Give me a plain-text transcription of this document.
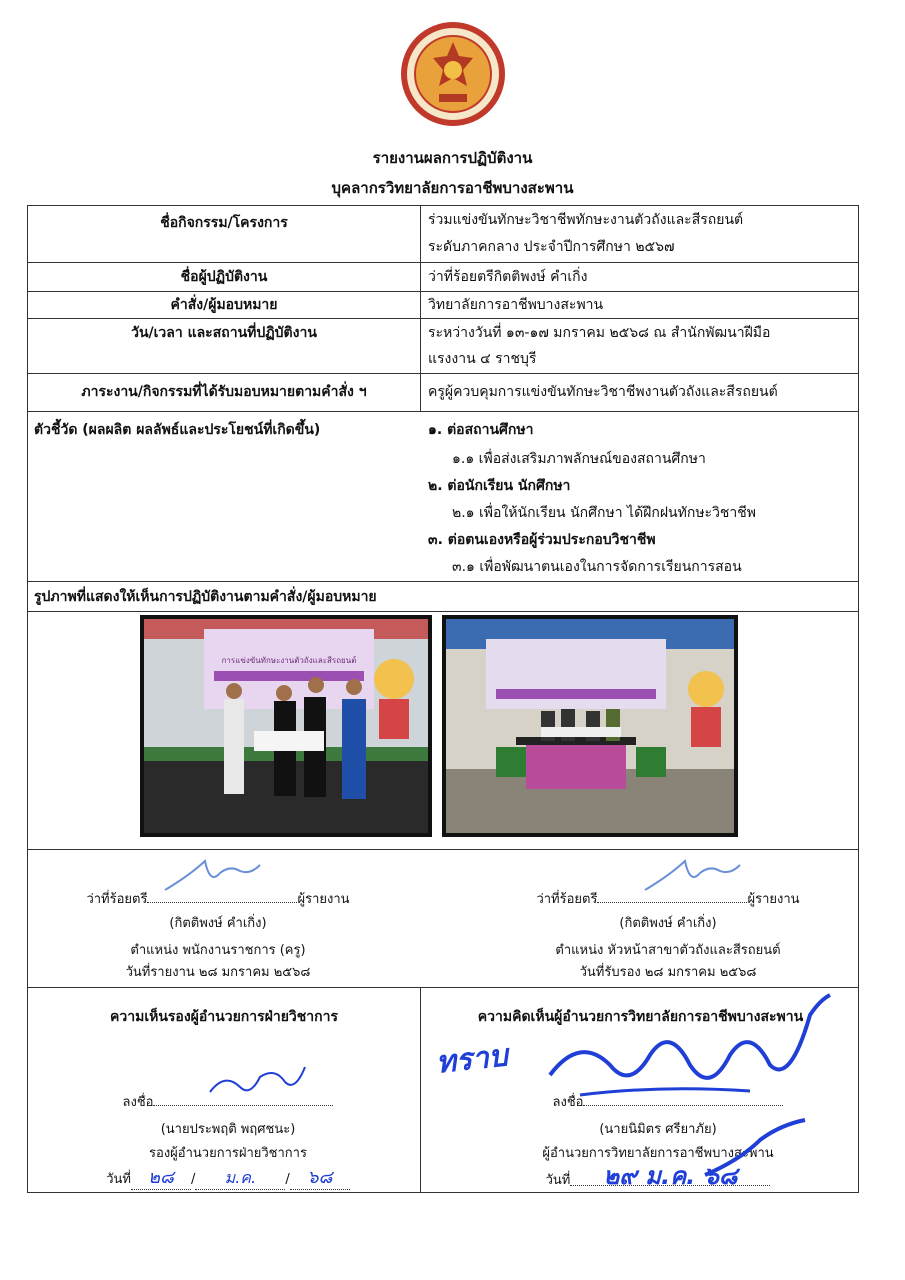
รายงานผลการปฏิบัติงาน
บุคลากรวิทยาลัยการอาชีพบางสะพาน
ชื่อกิจกรรม/โครงการ	ร่วมแข่งขันทักษะวิชาชีพทักษะงานตัวถังและสีรถยนต์
ระดับภาคกลาง ประจำปีการศึกษา ๒๕๖๗
ชื่อผู้ปฏิบัติงาน	ว่าที่ร้อยตรีกิตติพงษ์ คำเกิ่ง
คำสั่ง/ผู้มอบหมาย	วิทยาลัยการอาชีพบางสะพาน
วัน/เวลา และสถานที่ปฏิบัติงาน	ระหว่างวันที่ ๑๓-๑๗ มกราคม ๒๕๖๘ ณ สำนักพัฒนาฝีมือ
แรงงาน ๔ ราชบุรี
ภาระงาน/กิจกรรมที่ได้รับมอบหมายตามคำสั่ง ฯ	ครูผู้ควบคุมการแข่งขันทักษะวิชาชีพงานตัวถังและสีรถยนต์
ตัวชี้วัด (ผลผลิต ผลลัพธ์และประโยชน์ที่เกิดขึ้น)	๑. ต่อสถานศึกษา
๑.๑ เพื่อส่งเสริมภาพลักษณ์ของสถานศึกษา
๒. ต่อนักเรียน นักศึกษา
๒.๑ เพื่อให้นักเรียน นักศึกษา ได้ฝึกฝนทักษะวิชาชีพ
๓. ต่อตนเองหรือผู้ร่วมประกอบวิชาชีพ
๓.๑ เพื่อพัฒนาตนเองในการจัดการเรียนการสอน
รูปภาพที่แสดงให้เห็นการปฏิบัติงานตามคำสั่ง/ผู้มอบหมาย
ว่าที่ร้อยตรี	ผู้รายงาน
(กิตติพงษ์ คำเกิ่ง)
ตำแหน่ง พนักงานราชการ (ครู)
วันที่รายงาน ๒๘ มกราคม ๒๕๖๘
ว่าที่ร้อยตรี	ผู้รายงาน
(กิตติพงษ์ คำเกิ่ง)
ตำแหน่ง หัวหน้าสาขาตัวถังและสีรถยนต์
วันที่รับรอง ๒๘ มกราคม ๒๕๖๘
ความเห็นรองผู้อำนวยการฝ่ายวิชาการ
ลงชื่อ
(นายประพฤติ พฤศชนะ)
รองผู้อำนวยการฝ่ายวิชาการ
วันที่ ๒๘ / ม.ค. / ๖๘
ความคิดเห็นผู้อำนวยการวิทยาลัยการอาชีพบางสะพาน
ทราบ
ลงชื่อ
(นายนิมิตร ศรียาภัย)
ผู้อำนวยการวิทยาลัยการอาชีพบางสะพาน
วันที่ ๒๙ ม.ค. ๖๘
การแข่งขันทักษะงานตัวถังและสีรถยนต์
